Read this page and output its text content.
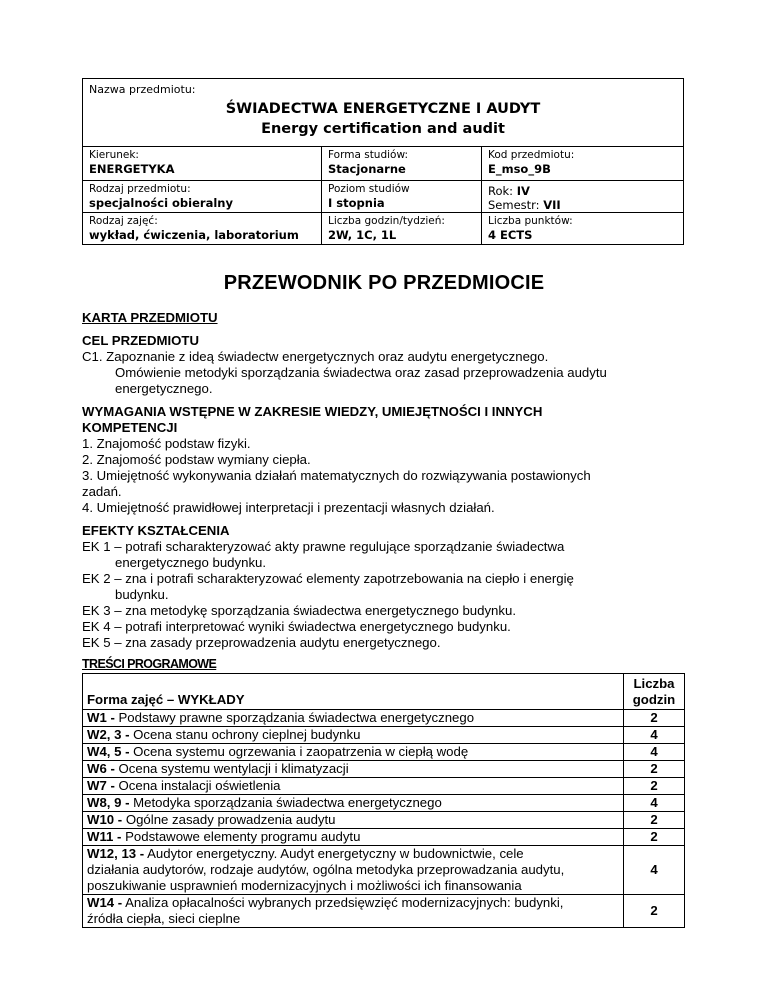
Nazwa przedmiotu:
ŚWIADECTWA ENERGETYCZNE I AUDYT
Energy certification and audit
Kierunek:
ENERGETYKA
Forma studiów:
Stacjonarne
Kod przedmiotu:
E_mso_9B
Rodzaj przedmiotu:
specjalności obieralny
Poziom studiów
I stopnia
Rok: IV
Semestr: VII
Rodzaj zajęć:
wykład, ćwiczenia, laboratorium
Liczba godzin/tydzień:
2W, 1C, 1L
Liczba punktów:
4 ECTS
PRZEWODNIK PO PRZEDMIOCIE
KARTA PRZEDMIOTU
CEL PRZEDMIOTU
C1. Zapoznanie z ideą świadectw energetycznych oraz audytu energetycznego.
Omówienie metodyki sporządzania świadectwa oraz zasad przeprowadzenia audytu
energetycznego.
WYMAGANIA WSTĘPNE W ZAKRESIE WIEDZY, UMIEJĘTNOŚCI I INNYCH
KOMPETENCJI
1. Znajomość podstaw fizyki.
2. Znajomość podstaw wymiany ciepła.
3. Umiejętność wykonywania działań matematycznych do rozwiązywania postawionych
zadań.
4. Umiejętność prawidłowej interpretacji i prezentacji własnych działań.
EFEKTY KSZTAŁCENIA
EK 1 – potrafi scharakteryzować akty prawne regulujące sporządzanie świadectwa
energetycznego budynku.
EK 2 – zna i potrafi scharakteryzować elementy zapotrzebowania na ciepło i energię
budynku.
EK 3 – zna metodykę sporządzania świadectwa energetycznego budynku.
EK 4 – potrafi interpretować wyniki świadectwa energetycznego budynku.
EK 5 – zna zasady przeprowadzenia audytu energetycznego.
TREŚCI PROGRAMOWE
Forma zajęć – WYKŁADY	Liczba
godzin

W1 - Podstawy prawne sporządzania świadectwa energetycznego	2
W2, 3 - Ocena stanu ochrony cieplnej budynku	4
W4, 5 - Ocena systemu ogrzewania i zaopatrzenia w ciepłą wodę	4
W6 - Ocena systemu wentylacji i klimatyzacji	2
W7 - Ocena instalacji oświetlenia	2
W8, 9 - Metodyka sporządzania świadectwa energetycznego	4
W10 - Ogólne zasady prowadzenia audytu	2
W11 - Podstawowe elementy programu audytu	2

W12, 13 - Audytor energetyczny. Audyt energetyczny w budownictwie, cele
działania audytorów, rodzaje audytów, ogólna metodyka przeprowadzania audytu,
poszukiwanie usprawnień modernizacyjnych i możliwości ich finansowania	4

W14 - Analiza opłacalności wybranych przedsięwzięć modernizacyjnych: budynki,
źródła ciepła, sieci cieplne	2
